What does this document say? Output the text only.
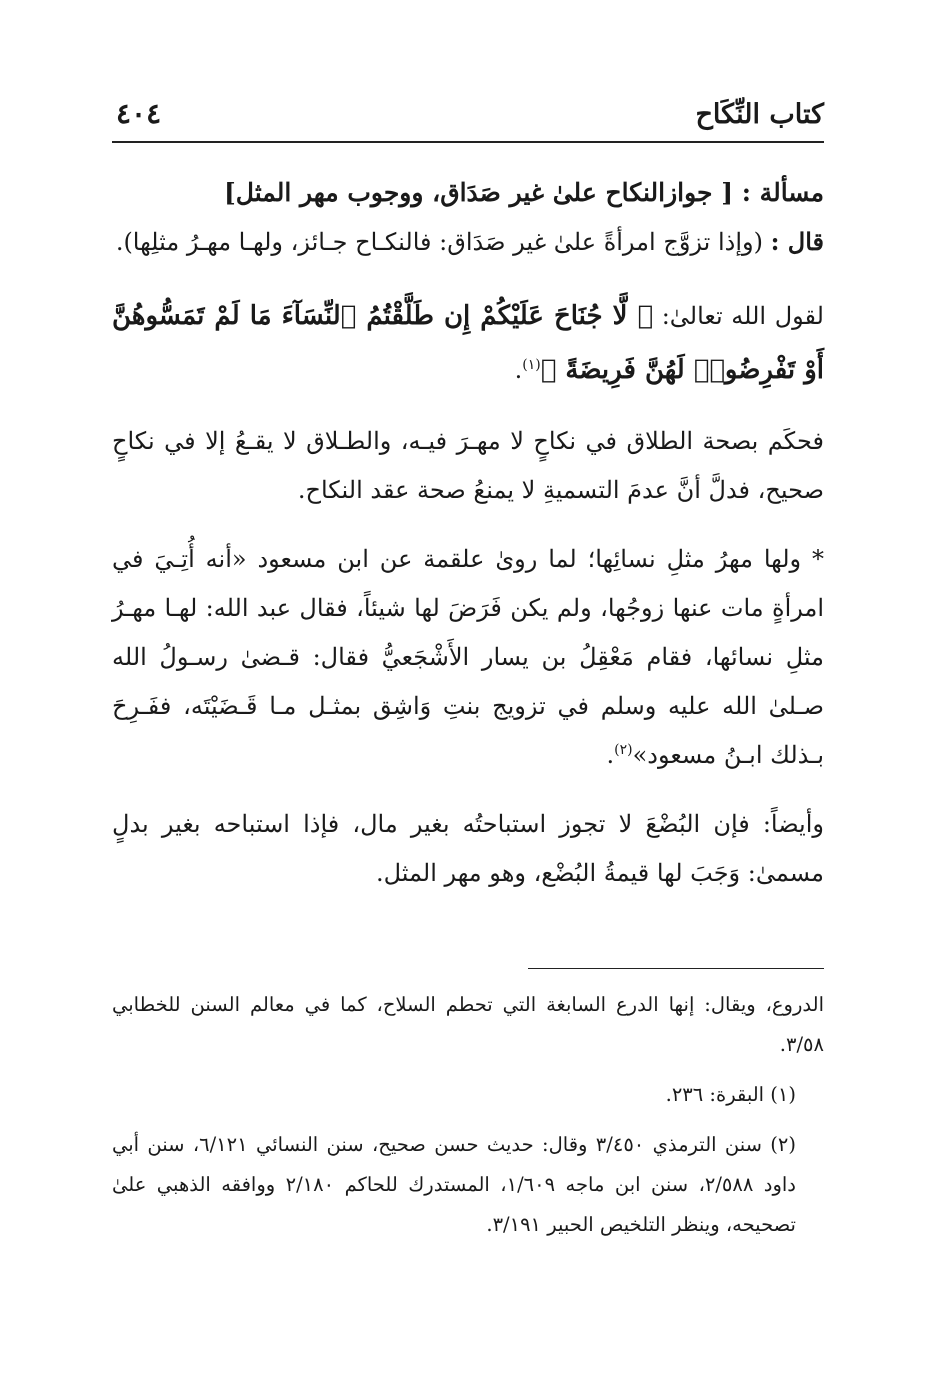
كتاب النِّكَاح
٤٠٤
مسألة : [ جوازالنكاح علىٰ غير صَدَاق، ووجوب مهر المثل]

قال : (وإذا تزوَّج امرأةً علىٰ غير صَدَاق: فالنكـاح جـائز، ولهـا مهـرُ مثلِها).

لقول الله تعالىٰ: ﴿ لَّا جُنَاحَ عَلَيْكُمْ إِن طَلَّقْتُمُ ٱلنِّسَآءَ مَا لَمْ تَمَسُّوهُنَّ أَوْ تَفْرِضُوا۟ لَهُنَّ فَرِيضَةً ﴾$^{(١)}$.

فحكَم بصحة الطلاق في نكاحٍ لا مهـرَ فيـه، والطـلاق لا يقـعُ إلا في نكاحٍ صحيح، فدلَّ أنَّ عدمَ التسميةِ لا يمنعُ صحة عقد النكاح.

* ولها مهرُ مثلِ نسائِها؛ لما رویٰ علقمة عن ابن مسعود «أنه أُتِـيَ في امرأةٍ مات عنها زوجُها، ولم يكن فَرَضَ لها شيئاً، فقال عبد الله: لهـا مهـرُ مثلِ نسائها، فقام مَعْقِلُ بن يسار الأَشْجَعيُّ فقال: قـضىٰ رسـولُ الله صـلىٰ الله عليه وسلم في تزويج بنتِ وَاشِق بمثـل مـا قَـضَيْتَه، ففَـرِحَ بـذلك ابـنُ مسعود»$^{(٢)}$.

وأيضاً: فإن البُضْعَ لا تجوز استباحتُه بغير مال، فإذا استباحه بغير بدلٍ مسمىٰ: وَجَبَ لها قيمةُ البُضْع، وهو مهر المثل.

الدروع، ويقال: إنها الدرع السابغة التي تحطم السلاح، كما في معالم السنن للخطابي ٣/٥٨.

(١) البقرة: ٢٣٦.

(٢) سنن الترمذي ٣/٤٥٠ وقال: حديث حسن صحيح، سنن النسائي ٦/١٢١، سنن أبي داود ٢/٥٨٨، سنن ابن ماجه ١/٦٠٩، المستدرك للحاكم ٢/١٨٠ ووافقه الذهبي علىٰ تصحيحه، وينظر التلخيص الحبير ٣/١٩١.
